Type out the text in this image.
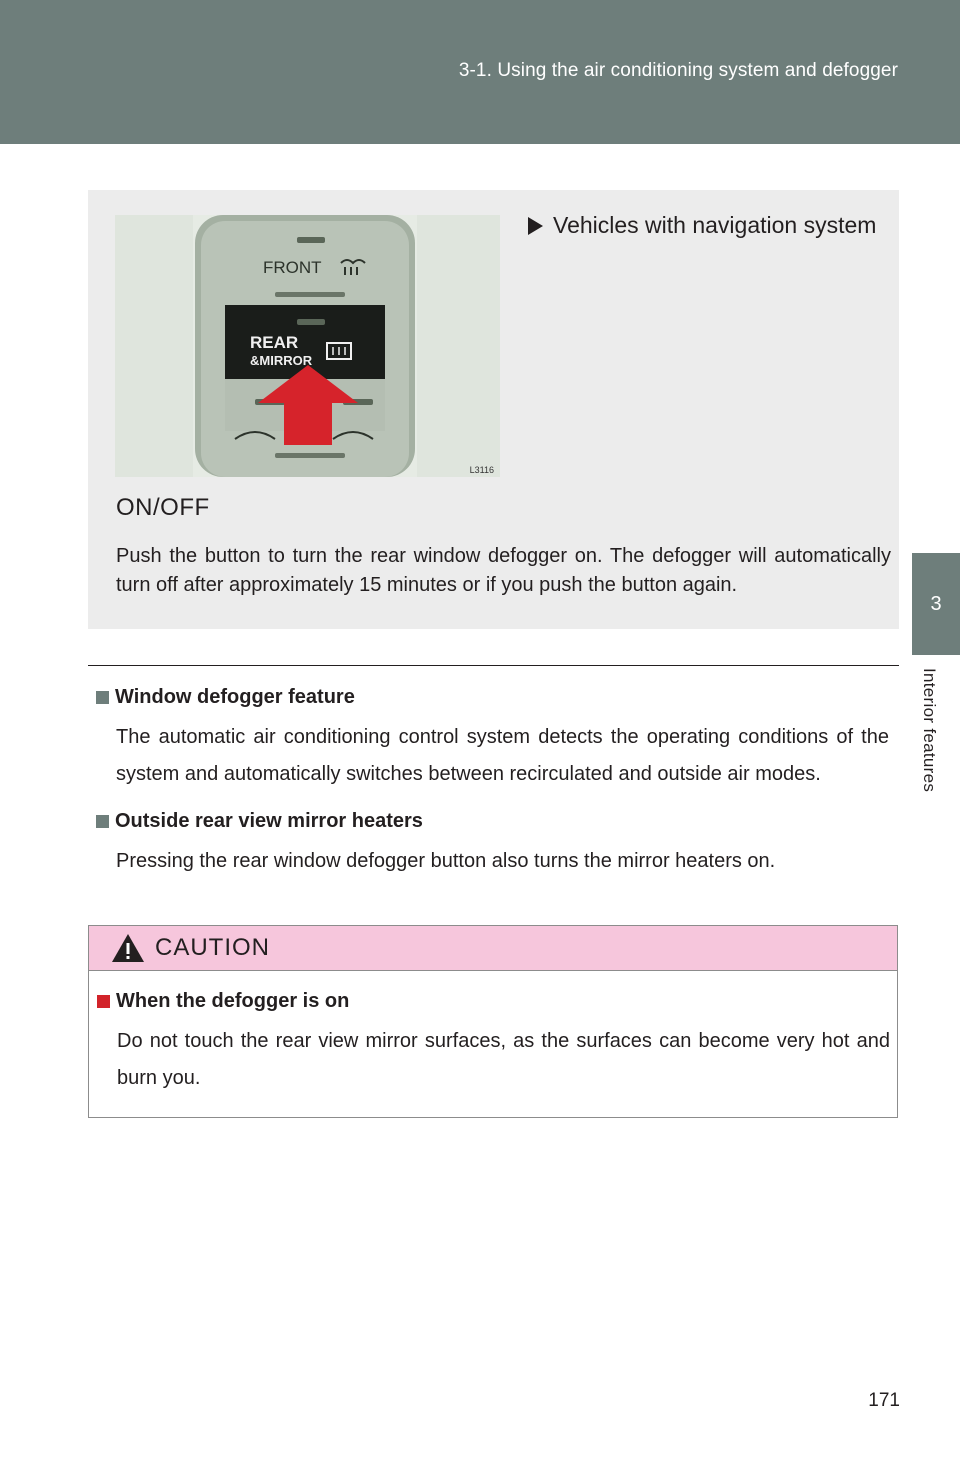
3-1. Using the air conditioning system and defogger
3
Interior features
FRONT
REAR
&MIRROR
L3116
Vehicles with navigation system
ON/OFF
Push the button to turn the rear window defogger on. The defogger will automatically turn off after approximately 15 minutes or if you push the button again.
Window defogger feature
The automatic air conditioning control system detects the operating conditions of the system and automatically switches between recirculated and outside air modes.
Outside rear view mirror heaters
Pressing the rear window defogger button also turns the mirror heaters on.
CAUTION
When the defogger is on
Do not touch the rear view mirror surfaces, as the surfaces can become very hot and burn you.
171
